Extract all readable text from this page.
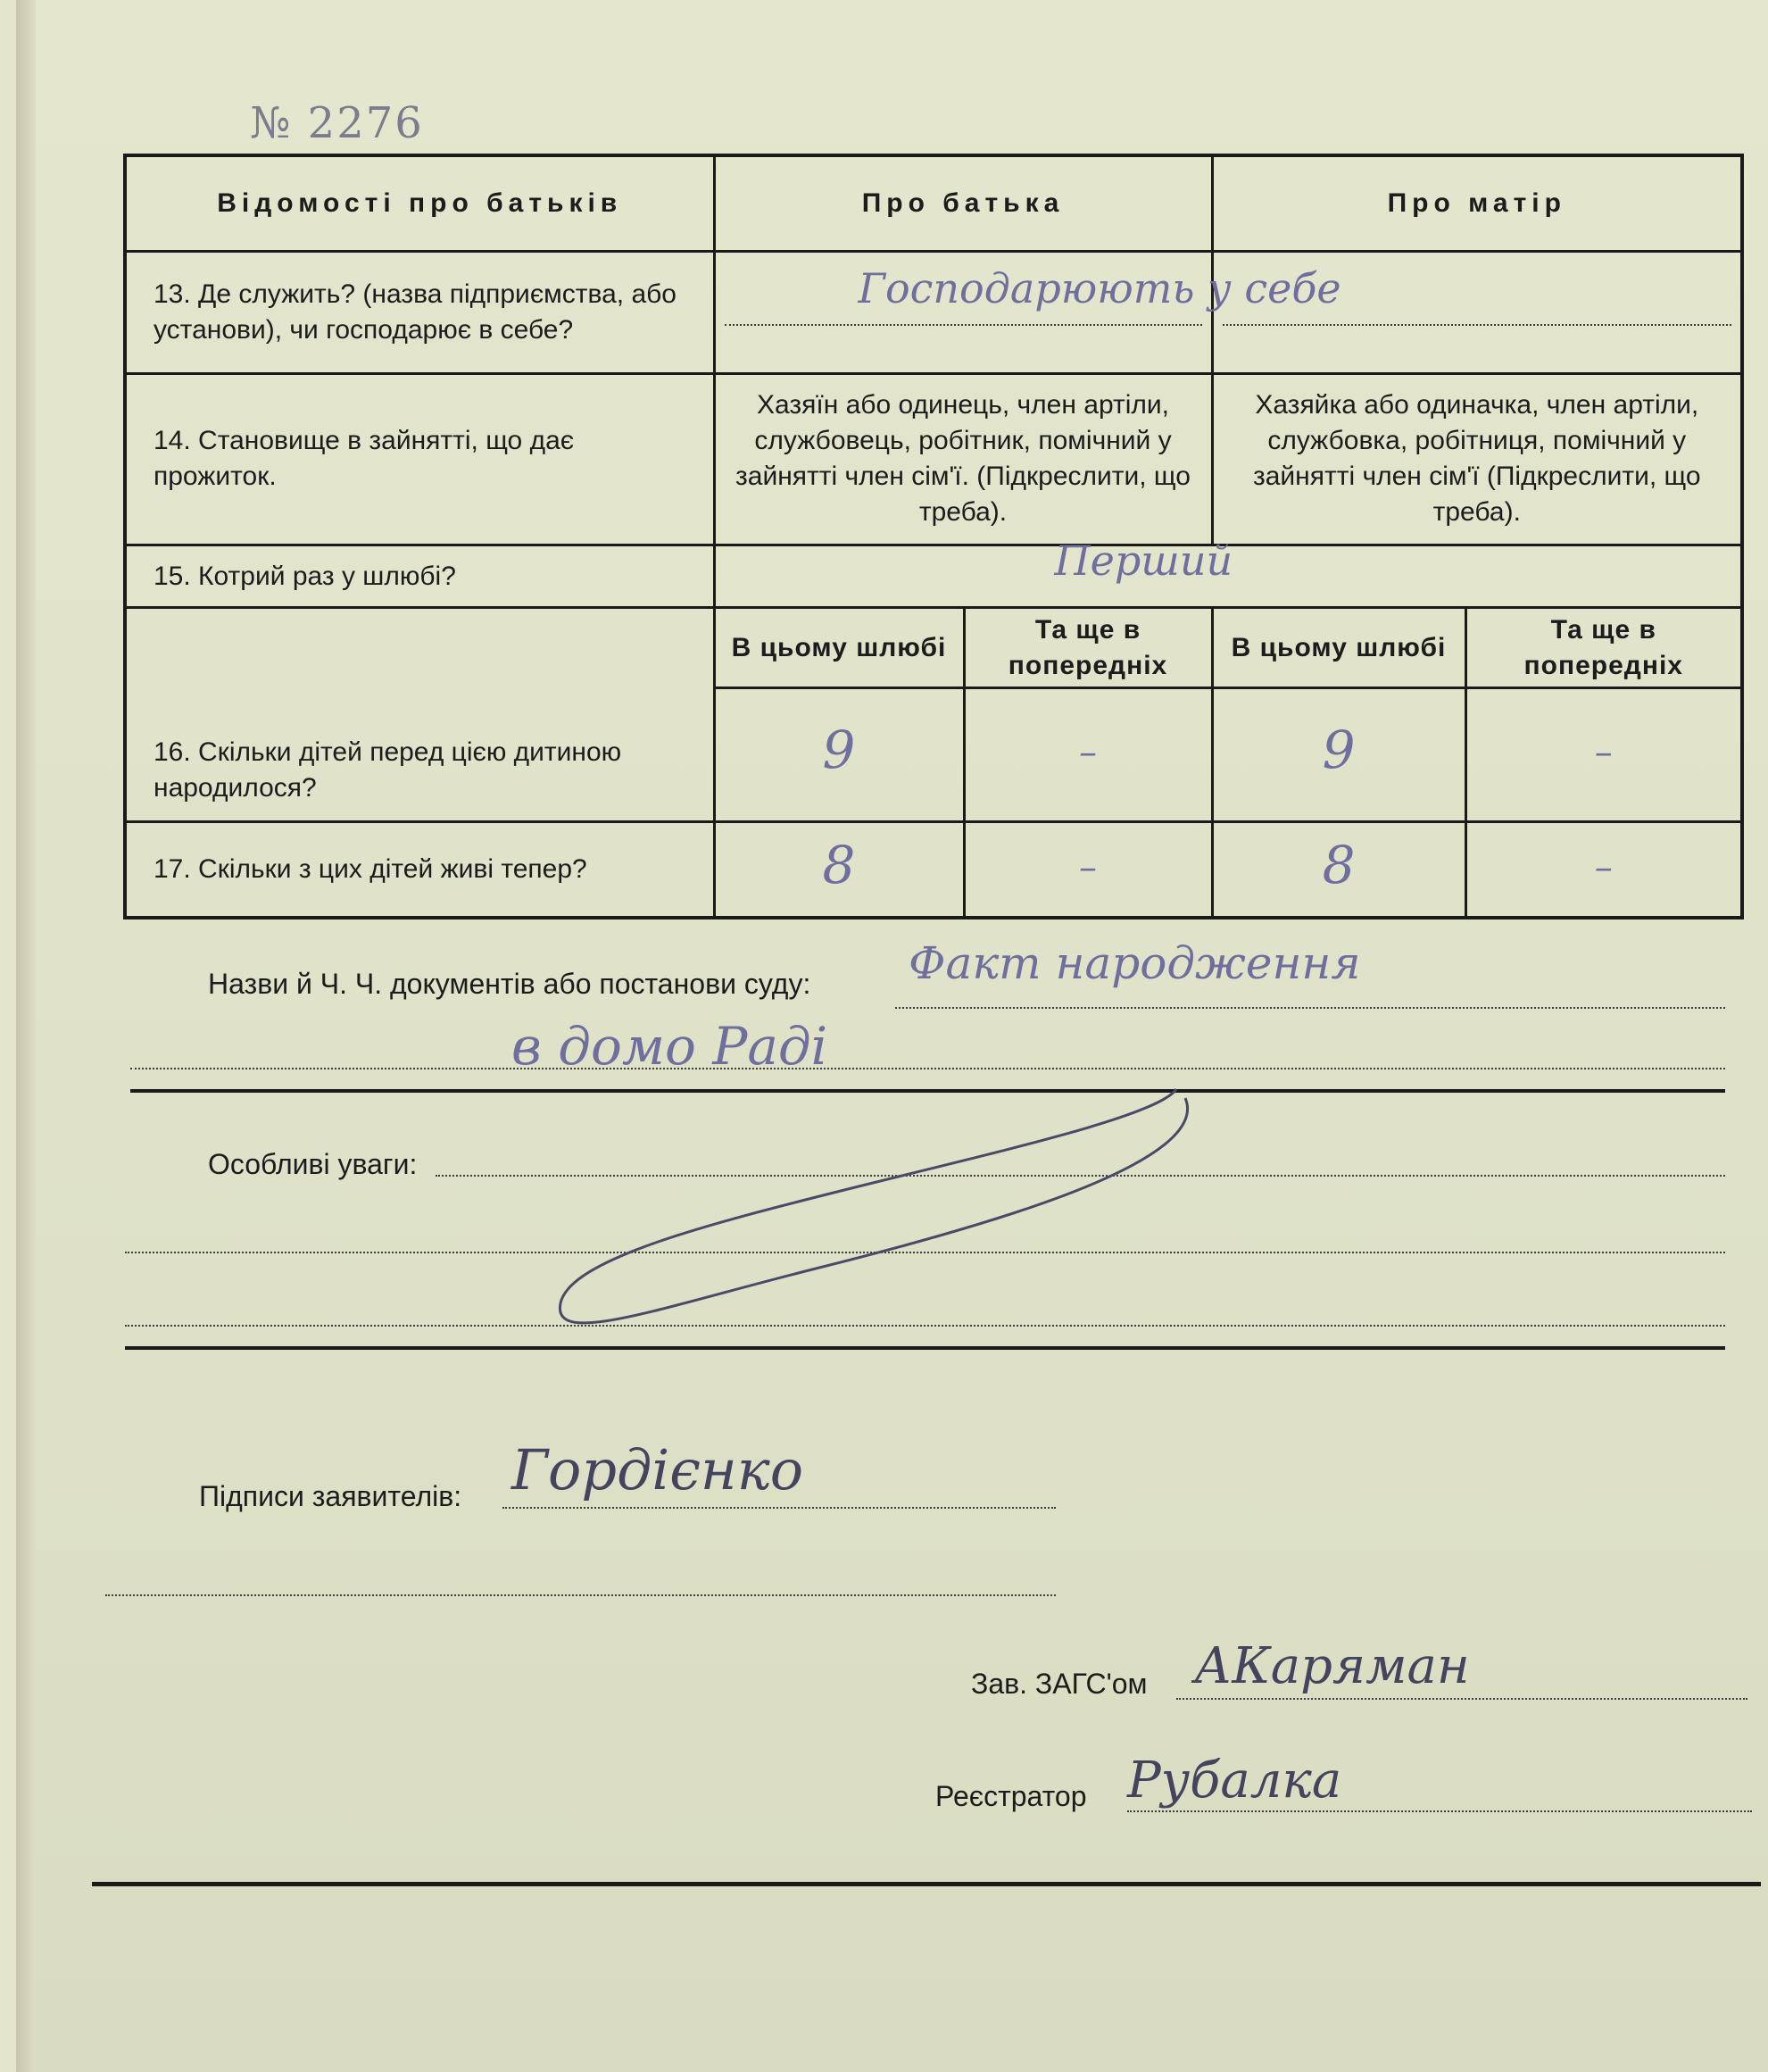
№ 2276
Відомості про батьків	Про батька		Про матір	
13. Де служить? (назва підприємства, або установи), чи господарює в себе?	Господарюють у себе			

14. Становище в зайнятті, що дає прожиток.	Хазяїн або одинець, член артіли, службовець, робітник, помічний у зайнятті член сім'ї. (Підкреслити, що треба).		Хазяйка або одиначка, член артіли, службовка, робітниця, помічний у зайнятті член сім'ї (Підкреслити, що треба).	
15. Котрий раз у шлюбі?	Перший			

16. Скільки дітей перед цією дитиною народилося?	В цьому шлюбі	Та ще в попередніх	В цьому шлюбі	Та ще в попередніх
	9	–	9	–
17. Скільки з цих дітей живі тепер?	8	–	8	–
Назви й Ч. Ч. документів або постанови суду: Факт народження
в домо Раді
Особливі уваги:
Підписи заявителів: Гордієнко
Зав. ЗАГС'ом АКаряман
Реєстратор Рубалка
